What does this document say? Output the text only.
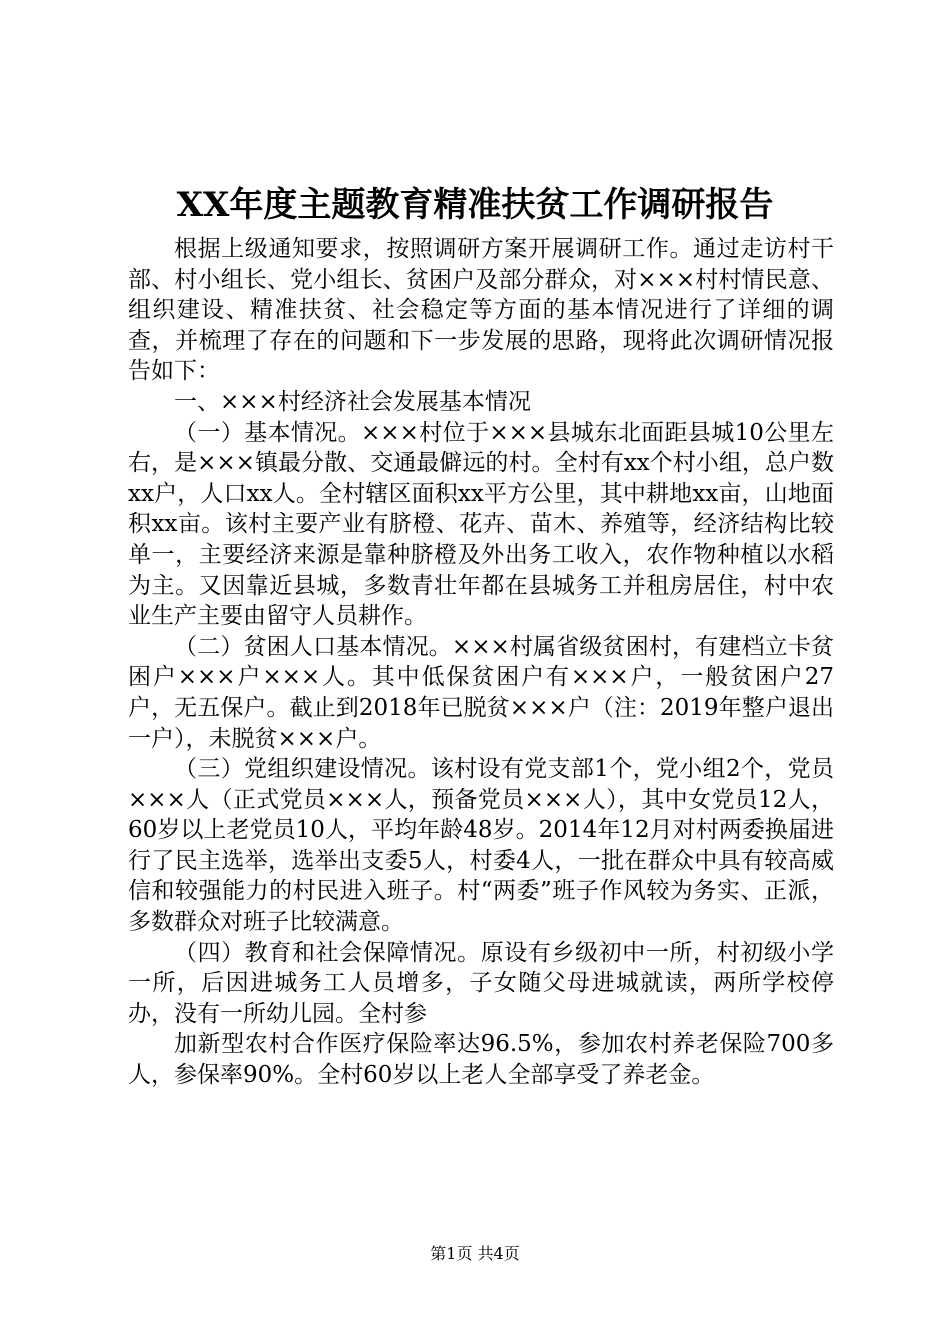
XX年度主题教育精准扶贫工作调研报告

根据上级通知要求，按照调研方案开展调研工作。通过走访村干部、村小组长、党小组长、贫困户及部分群众，对×××村村情民意、组织建设、精准扶贫、社会稳定等方面的基本情况进行了详细的调查，并梳理了存在的问题和下一步发展的思路，现将此次调研情况报告如下：

一、×××村经济社会发展基本情况

（一）基本情况。×××村位于×××县城东北面距县城10公里左右，是×××镇最分散、交通最僻远的村。全村有xx个村小组，总户数xx户，人口xx人。全村辖区面积xx平方公里，其中耕地xx亩，山地面积xx亩。该村主要产业有脐橙、花卉、苗木、养殖等，经济结构比较单一，主要经济来源是靠种脐橙及外出务工收入，农作物种植以水稻为主。又因靠近县城，多数青壮年都在县城务工并租房居住，村中农业生产主要由留守人员耕作。

（二）贫困人口基本情况。×××村属省级贫困村，有建档立卡贫困户×××户×××人。其中低保贫困户有×××户，一般贫困户27户，无五保户。截止到2018年已脱贫×××户（注：2019年整户退出一户），未脱贫×××户。

（三）党组织建设情况。该村设有党支部1个，党小组2个，党员×××人（正式党员×××人，预备党员×××人），其中女党员12人，60岁以上老党员10人，平均年龄48岁。2014年12月对村两委换届进行了民主选举，选举出支委5人，村委4人，一批在群众中具有较高威信和较强能力的村民进入班子。村“两委”班子作风较为务实、正派，多数群众对班子比较满意。

（四）教育和社会保障情况。原设有乡级初中一所，村初级小学一所，后因进城务工人员增多，子女随父母进城就读，两所学校停办，没有一所幼儿园。全村参

加新型农村合作医疗保险率达96.5%，参加农村养老保险700多人，参保率90%。全村60岁以上老人全部享受了养老金。

第1页 共4页
